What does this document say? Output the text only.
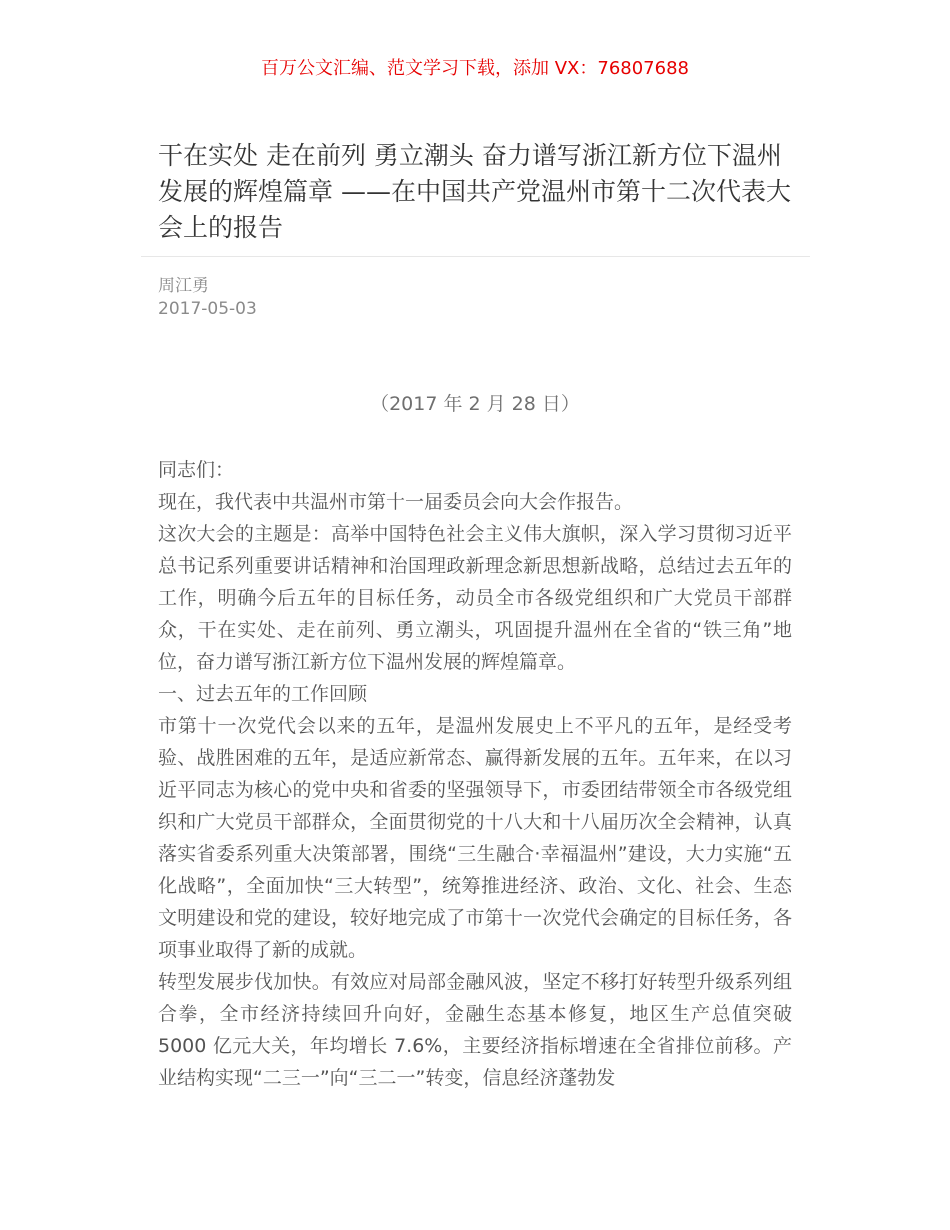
百万公文汇编、范文学习下载，添加 VX：76807688
干在实处 走在前列 勇立潮头 奋力谱写浙江新方位下温州发展的辉煌篇章 ——在中国共产党温州市第十二次代表大会上的报告
周江勇
2017-05-03
（2017 年 2 月 28 日）

同志们：

现在，我代表中共温州市第十一届委员会向大会作报告。

这次大会的主题是：高举中国特色社会主义伟大旗帜，深入学习贯彻习近平总书记系列重要讲话精神和治国理政新理念新思想新战略，总结过去五年的工作，明确今后五年的目标任务，动员全市各级党组织和广大党员干部群众，干在实处、走在前列、勇立潮头，巩固提升温州在全省的“铁三角”地位，奋力谱写浙江新方位下温州发展的辉煌篇章。

一、过去五年的工作回顾

市第十一次党代会以来的五年，是温州发展史上不平凡的五年，是经受考验、战胜困难的五年，是适应新常态、赢得新发展的五年。五年来，在以习近平同志为核心的党中央和省委的坚强领导下，市委团结带领全市各级党组织和广大党员干部群众，全面贯彻党的十八大和十八届历次全会精神，认真落实省委系列重大决策部署，围绕“三生融合·幸福温州”建设，大力实施“五化战略”，全面加快“三大转型”，统筹推进经济、政治、文化、社会、生态文明建设和党的建设，较好地完成了市第十一次党代会确定的目标任务，各项事业取得了新的成就。

转型发展步伐加快。有效应对局部金融风波，坚定不移打好转型升级系列组合拳，全市经济持续回升向好，金融生态基本修复，地区生产总值突破 5000 亿元大关，年均增长 7.6%，主要经济指标增速在全省排位前移。产业结构实现“二三一”向“三二一”转变，信息经济蓬勃发
